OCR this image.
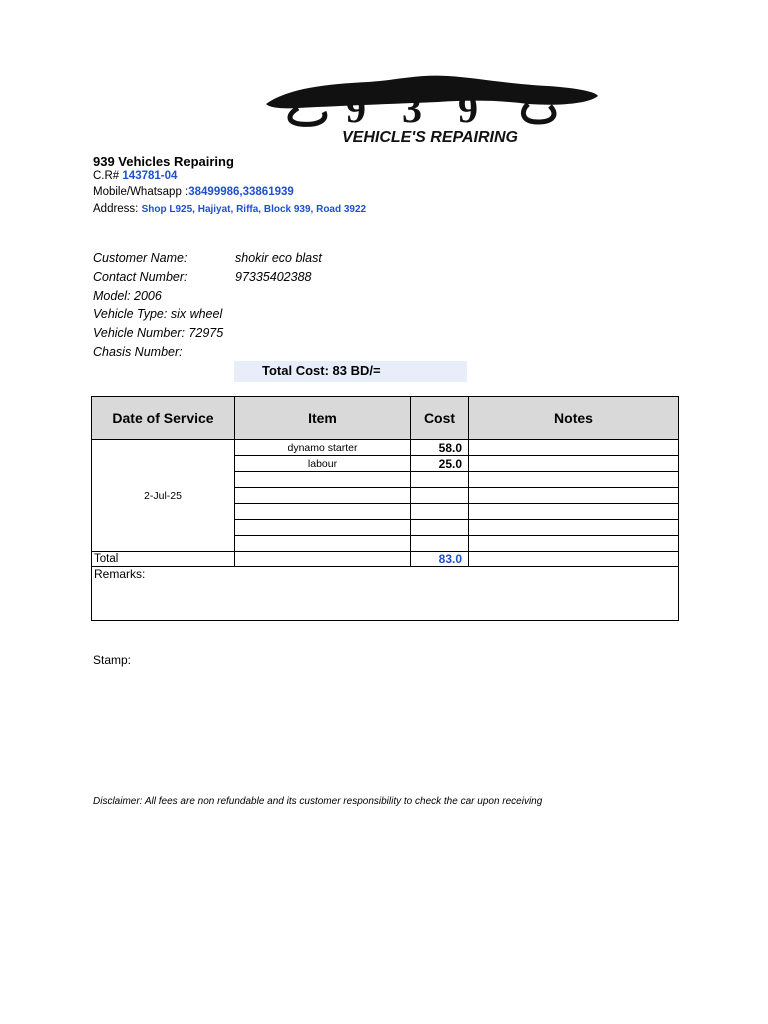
939
VEHICLE'S REPAIRING
939 Vehicles Repairing
C.R# 143781-04
Mobile/Whatsapp :38499986,33861939
Address: Shop L925, Hajiyat, Riffa, Block 939, Road 3922
Customer Name:	shokir eco blast
Contact Number:	97335402388
Model: 2006
Vehicle Type: six wheel
Vehicle Number: 72975
Chasis Number:
Total Cost: 83 BD/=
Date of Service	Item	Cost	Notes
2-Jul-25	dynamo starter	58.0	
	labour	25.0	

Total		83.0	
Remarks:			
Stamp:
Disclaimer: All fees are non refundable and its customer responsibility to check the car upon receiving
